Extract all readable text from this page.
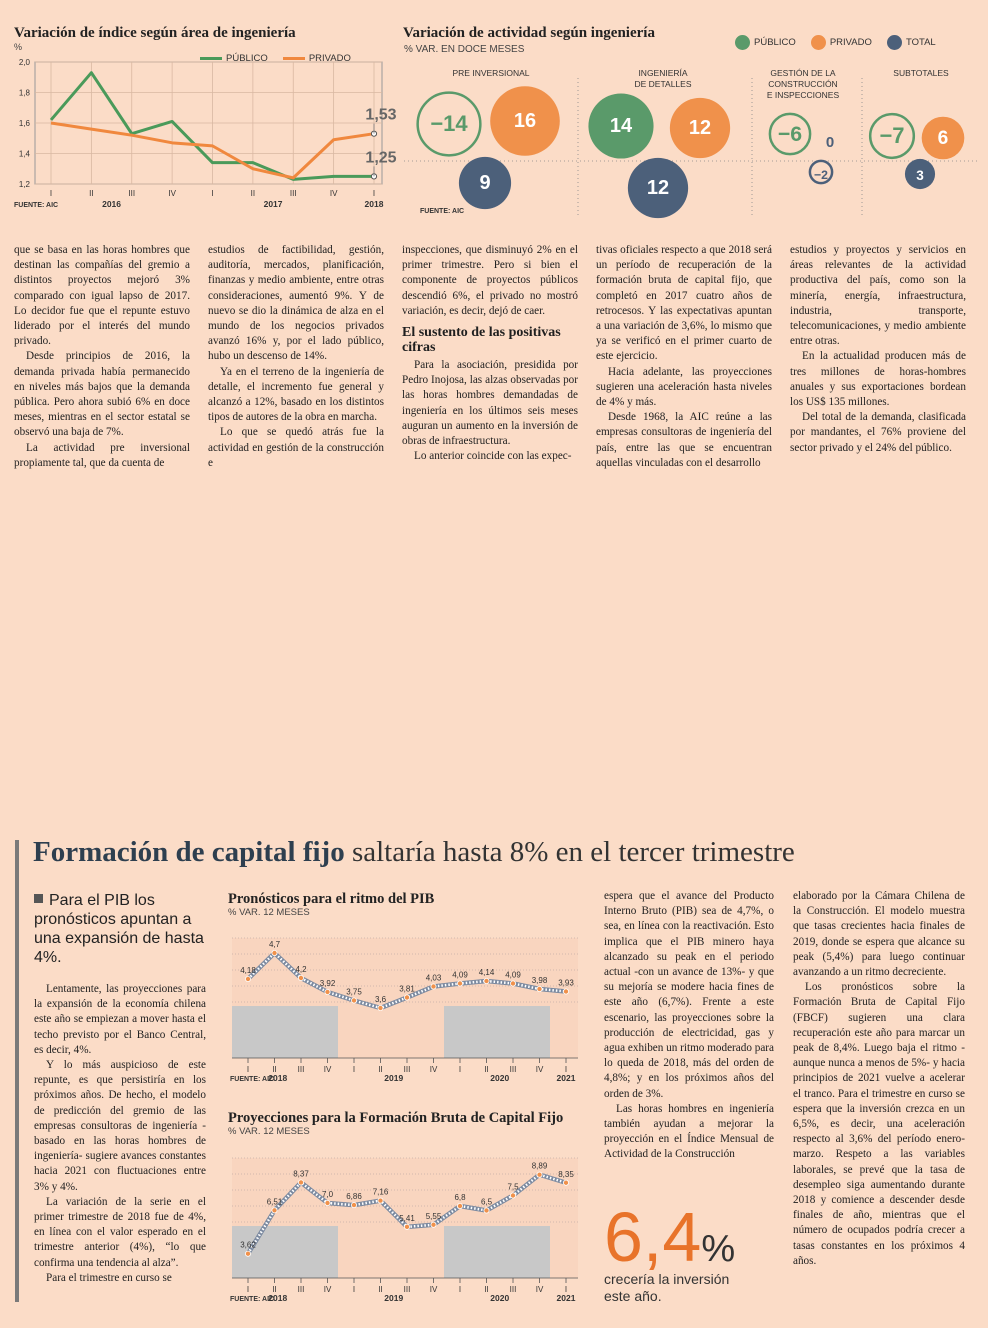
Variación de índice según área de ingeniería
%
PÚBLICO
	PRIVADO
1,2
1,4
1,6
1,8
2,0
I	II	III	IV	I	II	III	IV	I
2016	2017	2018
FUENTE: AIC
1,53
1,25
Variación de actividad según ingeniería
% VAR. EN DOCE MESES
PÚBLICO
	PRIVADO
	TOTAL
PRE INVERSIONAL	INGENIERÍA
DE DETALLES
GESTIÓN DE LA
CONSTRUCCIÓN
E INSPECCIONES
SUBTOTALES
−14	14	−6	−7
16	12
0	6
9	12
−2	3
FUENTE: AIC

que se basa en las horas hombres que destinan las compañías del gremio a distintos proyectos mejoró 3% comparado con igual lapso de 2017. Lo decidor fue que el repunte estuvo liderado por el interés del mundo privado.

Desde principios de 2016, la demanda privada había permanecido en niveles más bajos que la demanda pública. Pero ahora subió 6% en doce meses, mientras en el sector estatal se observó una baja de 7%.

La actividad pre inversional propiamente tal, que da cuenta de

estudios de factibilidad, gestión, auditoría, mercados, planificación, finanzas y medio ambiente, entre otras consideraciones, aumentó 9%. Y de nuevo se dio la dinámica de alza en el mundo de los negocios privados avanzó 16% y, por el lado público, hubo un descenso de 14%.

Ya en el terreno de la ingeniería de detalle, el incremento fue general y alcanzó a 12%, basado en los distintos tipos de autores de la obra en marcha.

Lo que se quedó atrás fue la actividad en gestión de la construcción e

inspecciones, que disminuyó 2% en el primer trimestre. Pero si bien el componente de proyectos públicos descendió 6%, el privado no mostró variación, es decir, dejó de caer.

El sustento de las positivas cifras

Para la asociación, presidida por Pedro Inojosa, las alzas observadas por las horas hombres demandadas de ingeniería en los últimos seis meses auguran un aumento en la inversión de obras de infraestructura.

Lo anterior coincide con las expec-

tivas oficiales respecto a que 2018 será un período de recuperación de la formación bruta de capital fijo, que completó en 2017 cuatro años de retrocesos. Y las expectativas apuntan a una variación de 3,6%, lo mismo que ya se verificó en el primer cuarto de este ejercicio.

Hacia adelante, las proyecciones sugieren una aceleración hasta niveles de 4% y más.

Desde 1968, la AIC reúne a las empresas consultoras de ingeniería del país, entre las que se encuentran aquellas vinculadas con el desarrollo

estudios y proyectos y servicios en áreas relevantes de la actividad productiva del país, como son la minería, energía, infraestructura, industria, transporte, telecomunicaciones, y medio ambiente entre otras.

En la actualidad producen más de tres millones de horas-hombres anuales y sus exportaciones bordean los US$ 135 millones.

Del total de la demanda, clasificada por mandantes, el 76% proviene del sector privado y el 24% del público.

Formación de capital fijo saltaría hasta 8% en el tercer trimestre
Para el PIB los pronósticos apuntan a una expansión de hasta 4%.

Lentamente, las proyecciones para la expansión de la economía chilena este año se empiezan a mover hasta el techo previsto por el Banco Central, es decir, 4%.

Y lo más auspicioso de este repunte, es que persistiría en los próximos años. De hecho, el modelo de predicción del gremio de las empresas consultoras de ingeniería -basado en las horas hombres de ingeniería- sugiere avances constantes hacia 2021 con fluctuaciones entre 3% y 4%.

La variación de la serie en el primer trimestre de 2018 fue de 4%, en línea con el valor esperado en el trimestre anterior (4%), “lo que confirma una tendencia al alza”.

Para el trimestre en curso se

Pronósticos para el ritmo del PIB
% VAR. 12 MESES
4,18
I
4,7
II
4,2
III
3,92
IV
3,75
I
3,6
II
3,81
III
4,03
IV
4,09
I
4,14
II
4,09
III
3,98
IV
3,93
I
2018	2019	2020	2021
FUENTE: AIC
Proyecciones para la Formación Bruta de Capital Fijo
% VAR. 12 MESES
3,62
I
6,51
II
8,37
III
7,0
IV
6,86
I
7,16
II
5,41
III
5,55
IV
6,8
I
6,5
II
7,5
III
8,89
IV
8,35
I
2018	2019	2020	2021
FUENTE: AIC

espera que el avance del Producto Interno Bruto (PIB) sea de 4,7%, o sea, en línea con la reactivación. Esto implica que el PIB minero haya alcanzado su peak en el periodo actual -con un avance de 13%- y que su mejoría se modere hacia fines de este año (6,7%). Frente a este escenario, las proyecciones sobre la producción de electricidad, gas y agua exhiben un ritmo moderado para lo queda de 2018, más del orden de 4,8%; y en los próximos años del orden de 3%.

Las horas hombres en ingeniería también ayudan a mejorar la proyección en el Índice Mensual de Actividad de la Construcción

6,4%
crecería la inversión este año.

elaborado por la Cámara Chilena de la Construcción. El modelo muestra que tasas crecientes hacia finales de 2019, donde se espera que alcance su peak (5,4%) para luego continuar avanzando a un ritmo decreciente.

Los pronósticos sobre la Formación Bruta de Capital Fijo (FBCF) sugieren una clara recuperación este año para marcar un peak de 8,4%. Luego baja el ritmo -aunque nunca a menos de 5%- y hacia principios de 2021 vuelve a acelerar el tranco. Para el trimestre en curso se espera que la inversión crezca en un 6,5%, es decir, una aceleración respecto al 3,6% del período enero-marzo. Respeto a las variables laborales, se prevé que la tasa de desempleo siga aumentando durante 2018 y comience a descender desde finales de año, mientras que el número de ocupados podría crecer a tasas constantes en los próximos 4 años.
